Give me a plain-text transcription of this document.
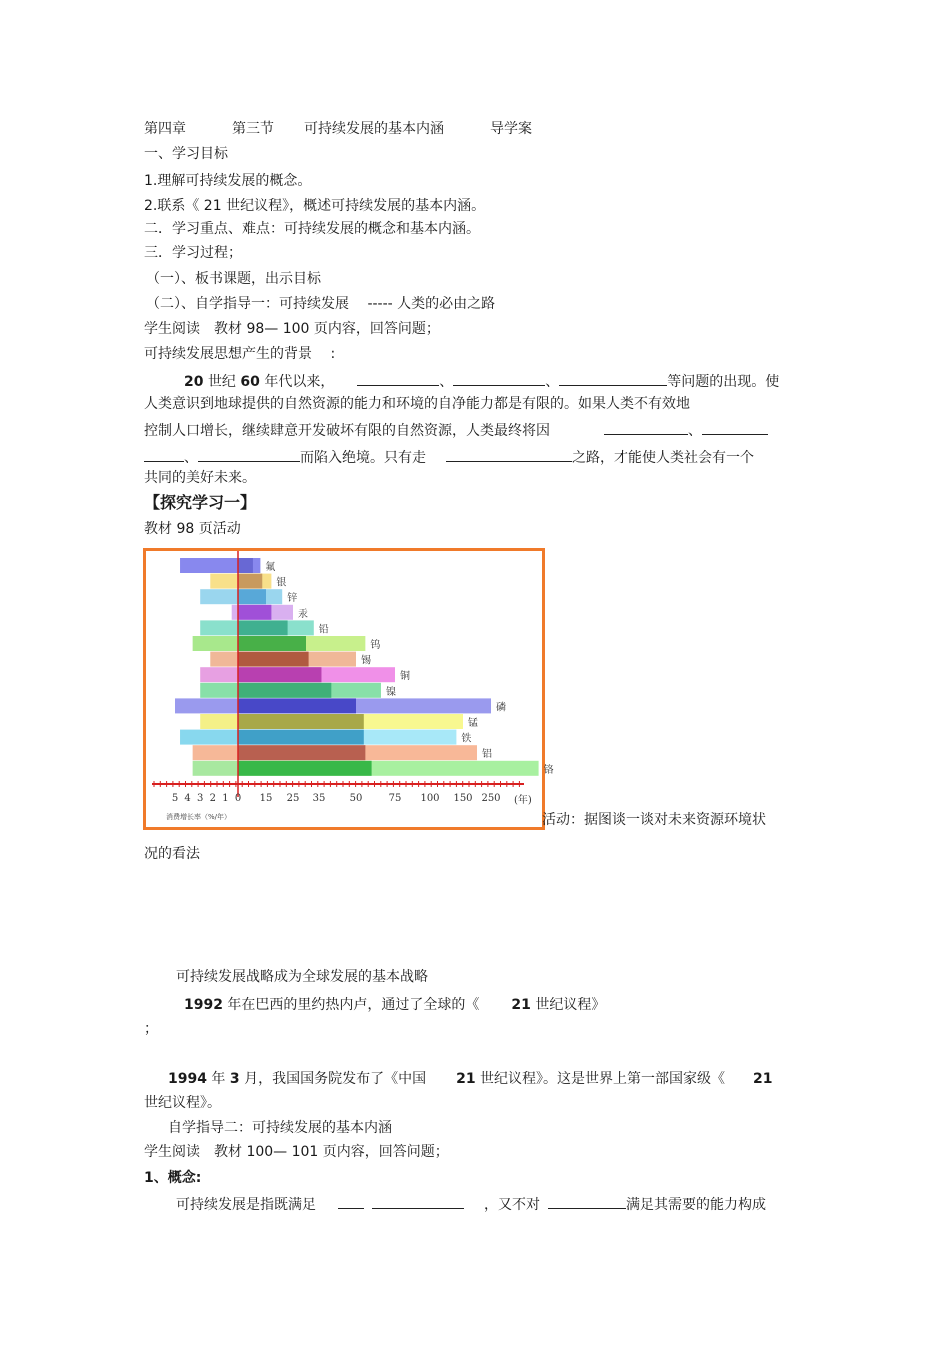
第四章	第三节 可持续发展的基本内涵	导学案
一、学习目标
1.理解可持续发展的概念。
2.联系《 21 世纪议程》，概述可持续发展的基本内涵。
二．学习重点、难点：可持续发展的概念和基本内涵。
三．学习过程；
（一）、板书课题，出示目标
（二）、自学指导一：可持续发展　 ----- 人类的必由之路
学生阅读　教材 98— 100 页内容，回答问题；
可持续发展思想产生的背景　 :
20 世纪 60 年代以来，	、	、	等问题的出现。使
人类意识到地球提供的自然资源的能力和环境的自净能力都是有限的。如果人类不有效地
控制人口增长，继续肆意开发破坏有限的自然资源，人类最终将因	、
、	而陷入绝境。只有走	之路，才能使人类社会有一个
共同的美好未来。
【探究学习一】
教材 98 页活动
氟
银
锌
汞
铅
钨
锡
铜
镍
磷
锰
铁
铝
铬
5 4 3 2 1 0 15 25 35 50	75 100 150 250 (年)
消费增长率（%/年）	活动：据图谈一谈对未来资源环境状
况的看法
可持续发展战略成为全球发展的基本战略
1992 年在巴西的里约热内卢，通过了全球的《 21 世纪议程》
；
1994 年 3 月，我国国务院发布了《中国 21 世纪议程》。这是世界上第一部国家级《 21
世纪议程》。
自学指导二：可持续发展的基本内涵
学生阅读　教材 100— 101 页内容，回答问题；
1、概念:
可持续发展是指既满足	，又不对	满足其需要的能力构成
